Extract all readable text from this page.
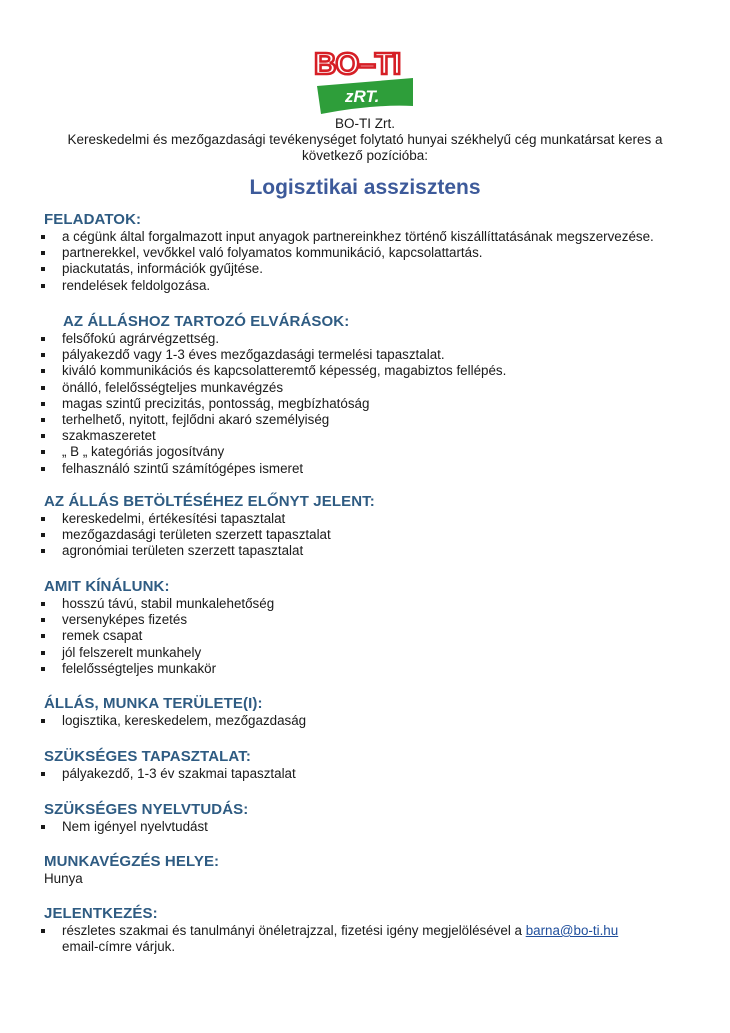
BO–TI
zRT.
BO-TI Zrt.
Kereskedelmi és mezőgazdasági tevékenységet folytató hunyai székhelyű cég munkatársat keres a következő pozícióba:
Logisztikai asszisztens
FELADATOK:
a cégünk által forgalmazott input anyagok partnereinkhez történő kiszállíttatásának megszervezése.
partnerekkel, vevőkkel való folyamatos kommunikáció, kapcsolattartás.
piackutatás, információk gyűjtése.
rendelések feldolgozása.
AZ ÁLLÁSHOZ TARTOZÓ ELVÁRÁSOK:
felsőfokú agrárvégzettség.
pályakezdő vagy 1-3 éves mezőgazdasági termelési tapasztalat.
kiváló kommunikációs és kapcsolatteremtő képesség, magabiztos fellépés.
önálló, felelősségteljes munkavégzés
magas szintű precizitás, pontosság, megbízhatóság
terhelhető, nyitott, fejlődni akaró személyiség
szakmaszeretet
„ B „ kategóriás jogosítvány
felhasználó szintű számítógépes ismeret
AZ ÁLLÁS BETÖLTÉSÉHEZ ELŐNYT JELENT:
kereskedelmi, értékesítési tapasztalat
mezőgazdasági területen szerzett tapasztalat
agronómiai területen szerzett tapasztalat
AMIT KÍNÁLUNK:
hosszú távú, stabil munkalehetőség
versenyképes fizetés
remek csapat
jól felszerelt munkahely
felelősségteljes munkakör
ÁLLÁS, MUNKA TERÜLETE(I):
logisztika, kereskedelem, mezőgazdaság
SZÜKSÉGES TAPASZTALAT:
pályakezdő, 1-3 év szakmai tapasztalat
SZÜKSÉGES NYELVTUDÁS:
Nem igényel nyelvtudást
MUNKAVÉGZÉS HELYE:
Hunya
JELENTKEZÉS:
részletes szakmai és tanulmányi önéletrajzzal, fizetési igény megjelölésével a barna@bo-ti.hu
email-címre várjuk.
